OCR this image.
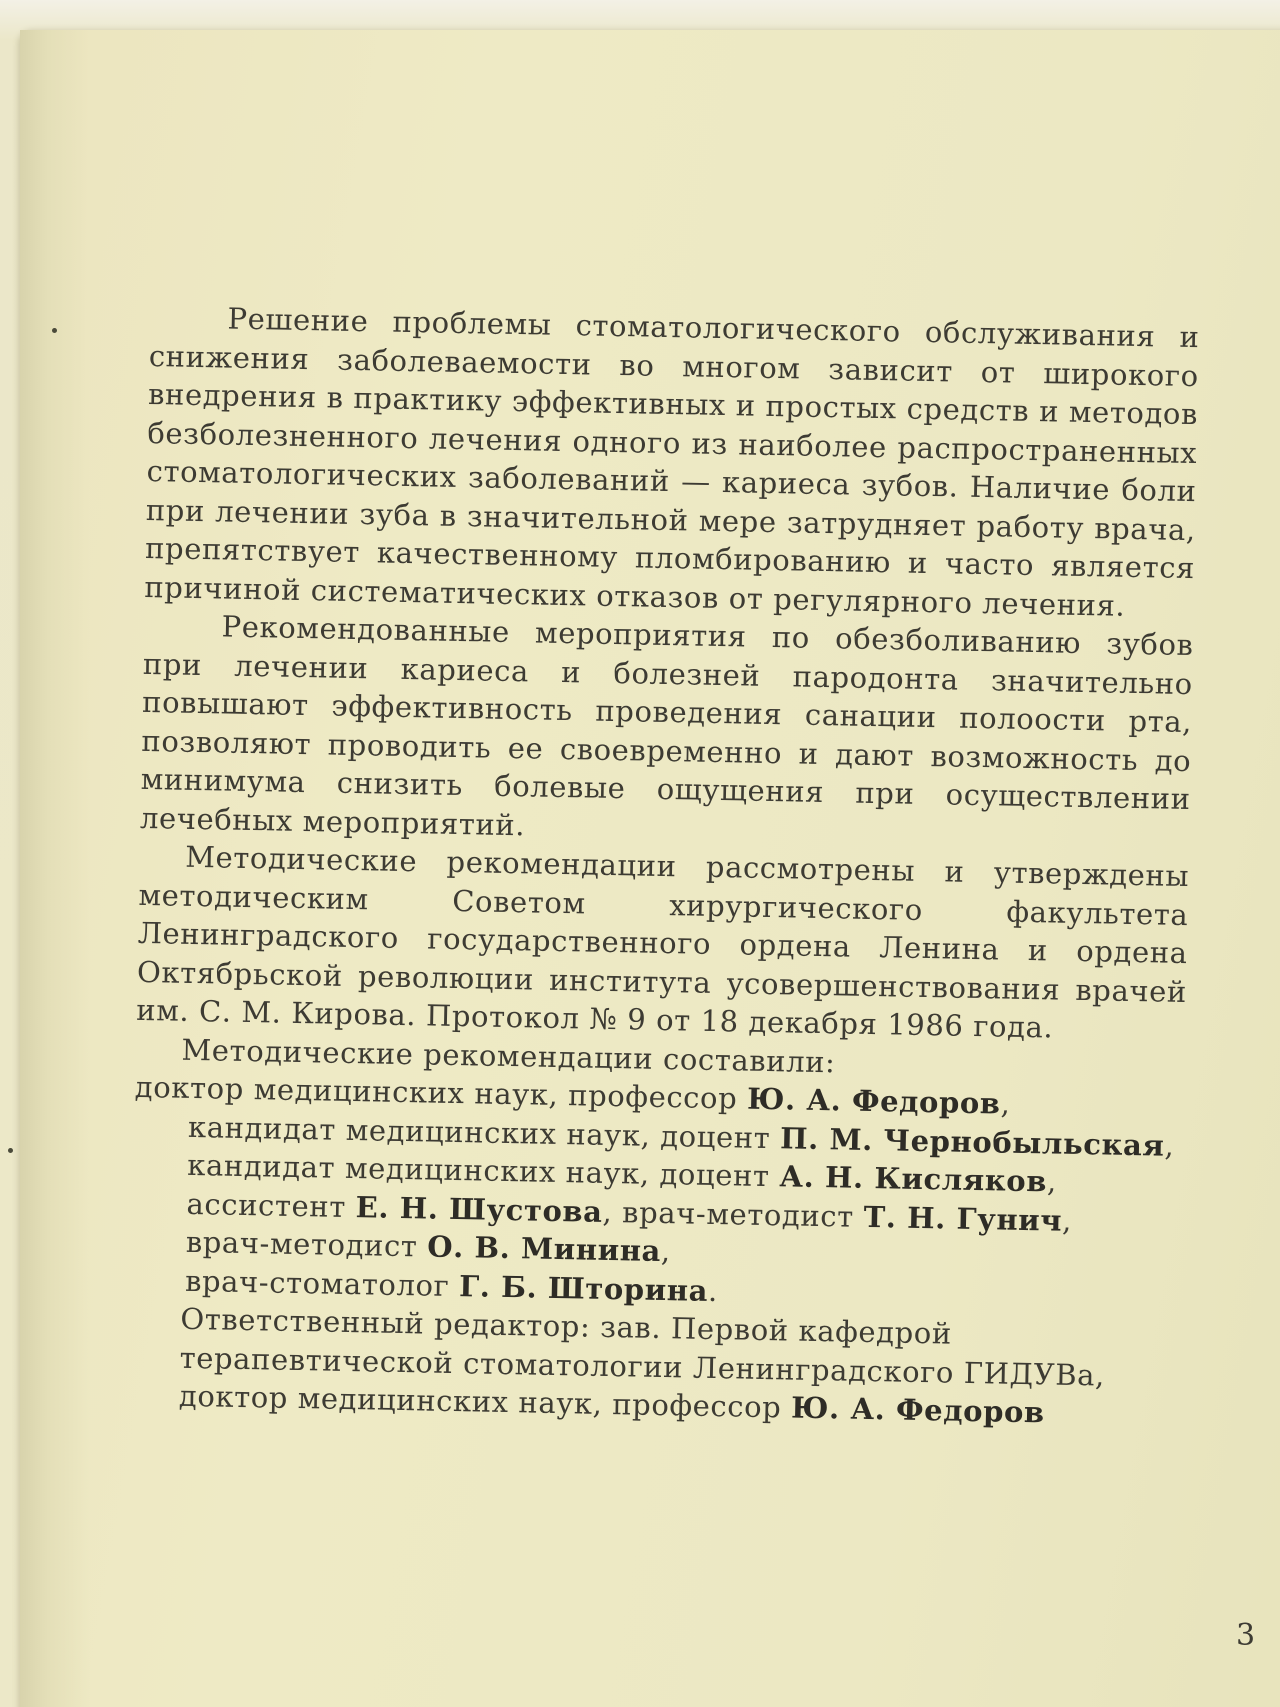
Решение проблемы стоматологического обслуживания и снижения заболеваемости во многом зависит от широкого внедрения в практику эффективных и простых средств и методов безболезненного лечения одного из наиболее распространенных стоматологических заболеваний — кариеса зубов. Наличие боли при лечении зуба в значительной мере затрудняет работу врача, препятствует качественному пломбированию и часто является причиной систематических отказов от регулярного лечения.

Рекомендованные мероприятия по обезболиванию зубов при лечении кариеса и болезней пародонта значительно повышают эффективность проведения санации полоости рта, позволяют проводить ее своевременно и дают возможность до минимума снизить болевые ощущения при осуществлении лечебных мероприятий.

Методические рекомендации рассмотрены и утверждены методическим Советом хирургического факультета Ленинградского государственного ордена Ленина и ордена Октябрьской революции института усовершенствования врачей им. С. М. Кирова. Протокол № 9 от 18 декабря 1986 года.

Методические рекомендации составили:

доктор медицинских наук, профессор Ю. А. Федоров,

кандидат медицинских наук, доцент П. М. Чернобыльская,

кандидат медицинских наук, доцент А. Н. Кисляков,

ассистент Е. Н. Шустова, врач-методист Т. Н. Гунич,

врач-методист О. В. Минина,

врач-стоматолог Г. Б. Шторина.

Ответственный редактор: зав. Первой кафедрой

терапевтической стоматологии Ленинградского ГИДУВа,

доктор медицинских наук, профессор Ю. А. Федоров

3
